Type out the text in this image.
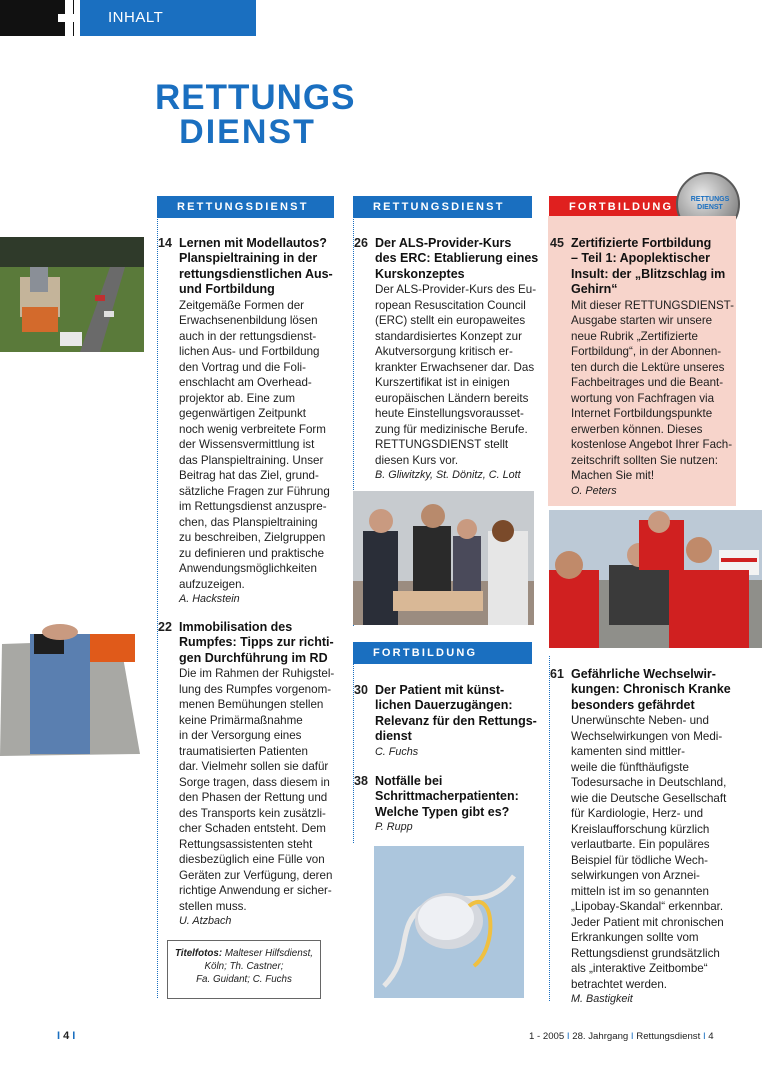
INHALT
RETTUNGS
DIENST
RETTUNGSDIENST	RETTUNGSDIENST	FORTBILDUNG
FORTBILDUNG
RETTUNGS
DIENST
14 Lernen mit Modellautos?
Planspieltraining in der
rettungsdienstlichen Aus-
und Fortbildung
Zeitgemäße Formen der
Erwachsenenbildung lösen
auch in der rettungsdienst-
lichen Aus- und Fortbildung
den Vortrag und die Foli-
enschlacht am Overhead-
projektor ab. Eine zum
gegenwärtigen Zeitpunkt
noch wenig verbreitete Form
der Wissensvermittlung ist
das Planspieltraining. Unser
Beitrag hat das Ziel, grund-
sätzliche Fragen zur Führung
im Rettungsdienst anzuspre-
chen, das Planspieltraining
zu beschreiben, Zielgruppen
zu definieren und praktische
Anwendungsmöglichkeiten
aufzuzeigen.
A. Hackstein
22 Immobilisation des
Rumpfes: Tipps zur richti-
gen Durchführung im RD
Die im Rahmen der Ruhigstel-
lung des Rumpfes vorgenom-
menen Bemühungen stellen
keine Primärmaßnahme
in der Versorgung eines
traumatisierten Patienten
dar. Vielmehr sollen sie dafür
Sorge tragen, dass diesem in
den Phasen der Rettung und
des Transports kein zusätzli-
cher Schaden entsteht. Dem
Rettungsassistenten steht
diesbezüglich eine Fülle von
Geräten zur Verfügung, deren
richtige Anwendung er sicher-
stellen muss.
U. Atzbach
Titelfotos: Malteser Hilfsdienst,
Köln; Th. Castner;
Fa. Guidant; C. Fuchs
26 Der ALS-Provider-Kurs
des ERC: Etablierung eines
Kurskonzeptes
Der ALS-Provider-Kurs des Eu-
ropean Resuscitation Council
(ERC) stellt ein europaweites
standardisiertes Konzept zur
Akutversorgung kritisch er-
krankter Erwachsener dar. Das
Kurszertifikat ist in einigen
europäischen Ländern bereits
heute Einstellungsvorausset-
zung für medizinische Berufe.
RETTUNGSDIENST stellt
diesen Kurs vor.
B. Gliwitzky, St. Dönitz, C. Lott
30 Der Patient mit künst-
lichen Dauerzugängen:
Relevanz für den Rettungs-
dienst
C. Fuchs
38 Notfälle bei
Schrittmacherpatienten:
Welche Typen gibt es?
P. Rupp
45 Zertifizierte Fortbildung
– Teil 1: Apoplektischer
Insult: der „Blitzschlag im
Gehirn“
Mit dieser RETTUNGSDIENST-
Ausgabe starten wir unsere
neue Rubrik „Zertifizierte
Fortbildung“, in der Abonnen-
ten durch die Lektüre unseres
Fachbeitrages und die Beant-
wortung von Fachfragen via
Internet Fortbildungspunkte
erwerben können. Dieses
kostenlose Angebot Ihrer Fach-
zeitschrift sollten Sie nutzen:
Machen Sie mit!
O. Peters
61 Gefährliche Wechselwir-
kungen: Chronisch Kranke
besonders gefährdet
Unerwünschte Neben- und
Wechselwirkungen von Medi-
kamenten sind mittler-
weile die fünfthäufigste
Todesursache in Deutschland,
wie die Deutsche Gesellschaft
für Kardiologie, Herz- und
Kreislaufforschung kürzlich
verlautbarte. Ein populäres
Beispiel für tödliche Wech-
selwirkungen von Arznei-
mitteln ist im so genannten
„Lipobay-Skandal“ erkennbar.
Jeder Patient mit chronischen
Erkrankungen sollte vom
Rettungsdienst grundsätzlich
als „interaktive Zeitbombe“
betrachtet werden.
M. Bastigkeit
I 4 I	1 - 2005 I 28. Jahrgang I Rettungsdienst I 4
